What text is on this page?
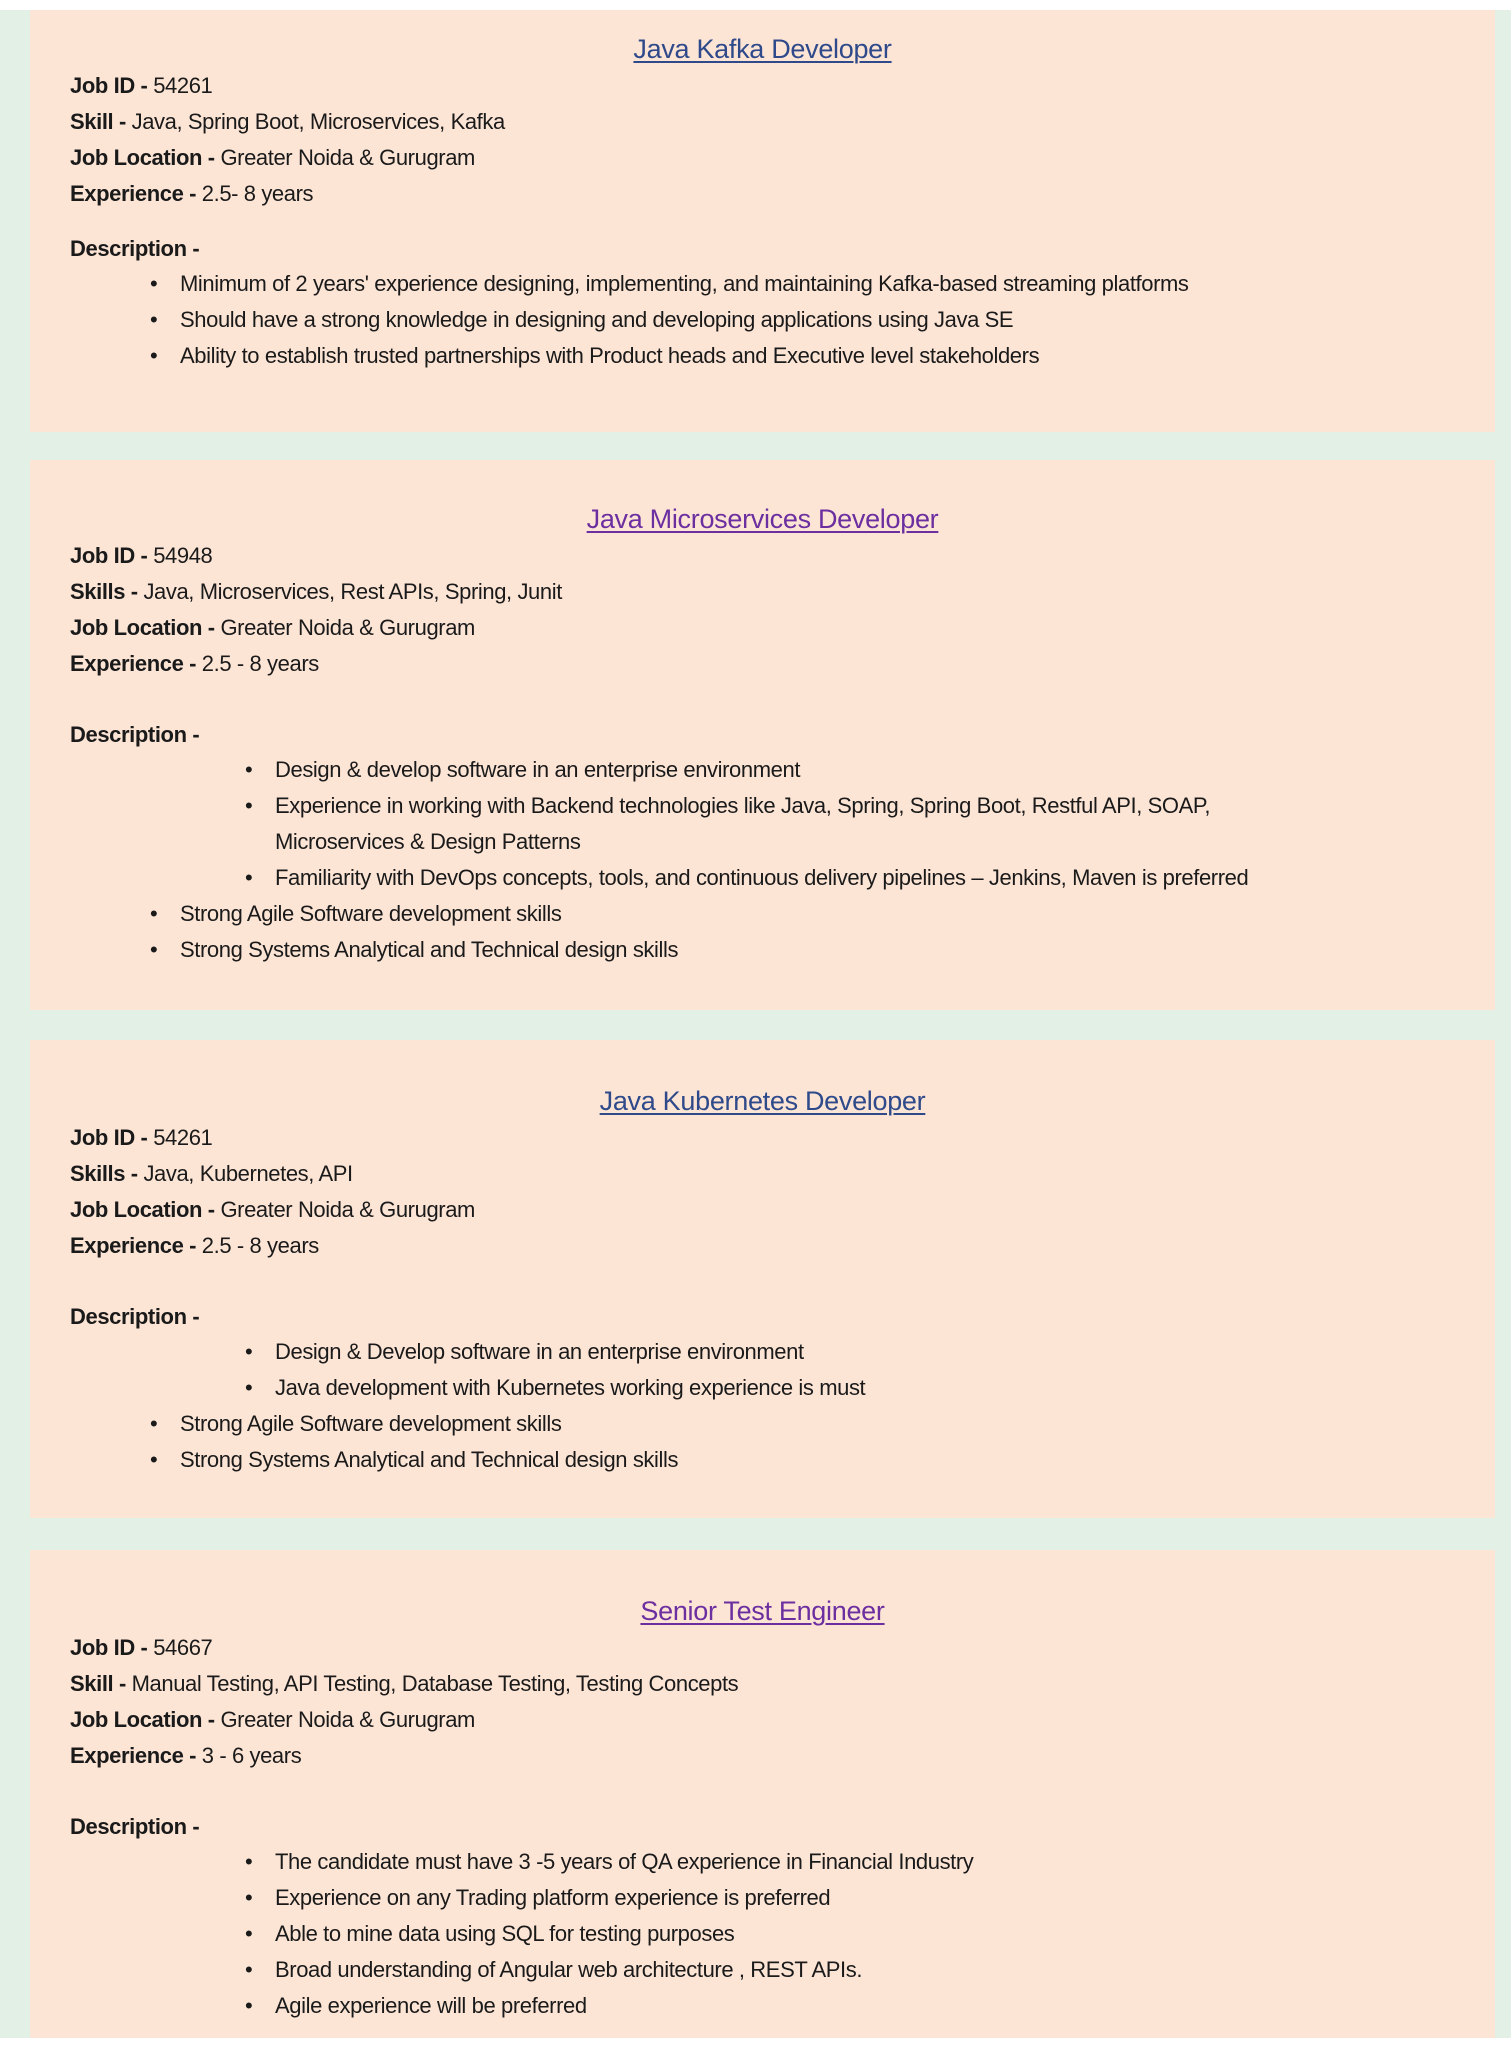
Java Kafka Developer
Job ID - 54261
Skill - Java, Spring Boot, Microservices, Kafka
Job Location - Greater Noida & Gurugram
Experience - 2.5- 8 years
Description -
• Minimum of 2 years' experience designing, implementing, and maintaining Kafka-based streaming platforms
• Should have a strong knowledge in designing and developing applications using Java SE
• Ability to establish trusted partnerships with Product heads and Executive level stakeholders
Java Microservices Developer
Job ID - 54948
Skills - Java, Microservices, Rest APIs, Spring, Junit
Job Location - Greater Noida & Gurugram
Experience - 2.5 - 8 years
Description -
• Design & develop software in an enterprise environment
• Experience in working with Backend technologies like Java, Spring, Spring Boot, Restful API, SOAP, Microservices & Design Patterns
• Familiarity with DevOps concepts, tools, and continuous delivery pipelines – Jenkins, Maven is preferred
• Strong Agile Software development skills
• Strong Systems Analytical and Technical design skills
Java Kubernetes Developer
Job ID - 54261
Skills - Java, Kubernetes, API
Job Location - Greater Noida & Gurugram
Experience - 2.5 - 8 years
Description -
• Design & Develop software in an enterprise environment
• Java development with Kubernetes working experience is must
• Strong Agile Software development skills
• Strong Systems Analytical and Technical design skills
Senior Test Engineer
Job ID - 54667
Skill - Manual Testing, API Testing, Database Testing, Testing Concepts
Job Location - Greater Noida & Gurugram
Experience - 3 - 6 years
Description -
• The candidate must have 3 -5 years of QA experience in Financial Industry
• Experience on any Trading platform experience is preferred
• Able to mine data using SQL for testing purposes
• Broad understanding of Angular web architecture , REST APIs.
• Agile experience will be preferred
